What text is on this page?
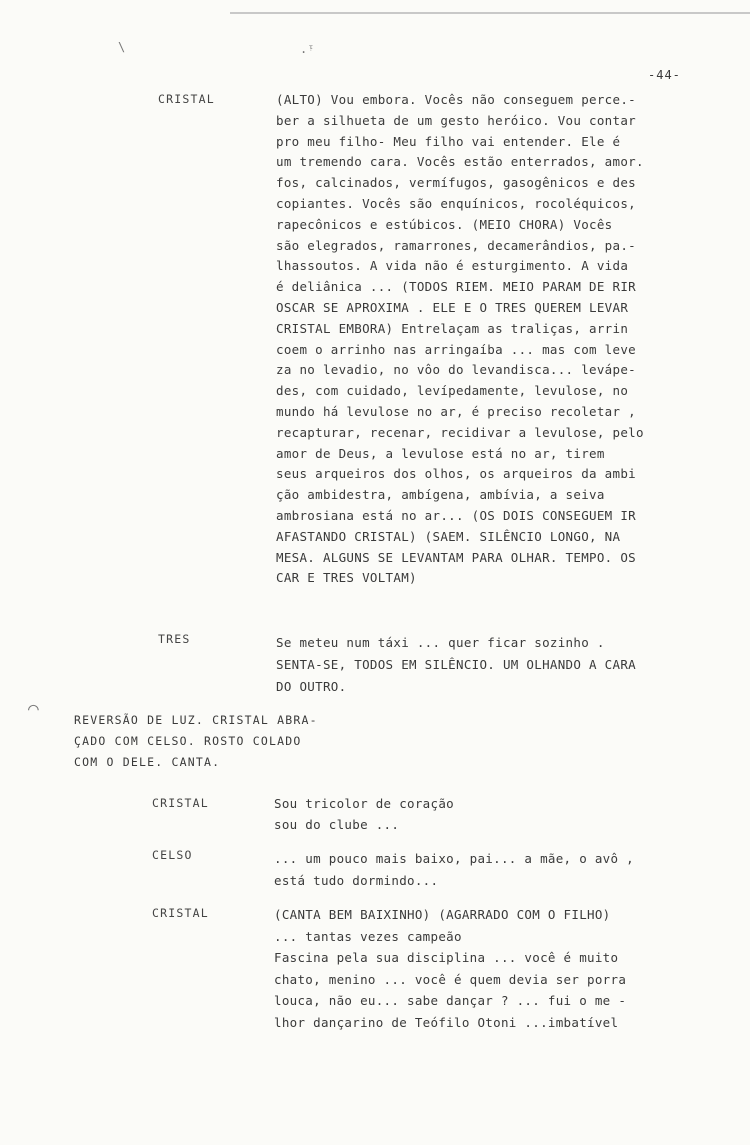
\	.ᵎ
⌒
-44-
CRISTAL	(ALTO) Vou embora. Vocês não conseguem perce.-
ber a silhueta de um gesto heróico. Vou contar
pro meu filho- Meu filho vai entender. Ele é
um tremendo cara. Vocês estão enterrados, amor.
fos, calcinados, vermífugos, gasogênicos e des
copiantes. Vocês são enquínicos, rocoléquicos,
rapecônicos e estúbicos. (MEIO CHORA) Vocês
são elegrados, ramarrones, decamerândios, pa.-
lhassoutos. A vida não é esturgimento. A vida
é deliânica ... (TODOS RIEM. MEIO PARAM DE RIR
OSCAR SE APROXIMA . ELE E O TRES QUEREM LEVAR
CRISTAL EMBORA) Entrelaçam as traliças, arrin
coem o arrinho nas arringaíba ... mas com leve
za no levadio, no vôo do levandisca... levápe-
des, com cuidado, levípedamente, levulose, no
mundo há levulose no ar, é preciso recoletar ,
recapturar, recenar, recidivar a levulose, pelo
amor de Deus, a levulose está no ar, tirem
seus arqueiros dos olhos, os arqueiros da ambi
ção ambidestra, ambígena, ambívia, a seiva
ambrosiana está no ar... (OS DOIS CONSEGUEM IR
AFASTANDO CRISTAL) (SAEM. SILÊNCIO LONGO, NA
MESA. ALGUNS SE LEVANTAM PARA OLHAR. TEMPO. OS
CAR E TRES VOLTAM)
TRES	Se meteu num táxi ... quer ficar sozinho .
SENTA-SE, TODOS EM SILÊNCIO. UM OLHANDO A CARA
DO OUTRO.
REVERSÃO DE LUZ. CRISTAL ABRA-
ÇADO COM CELSO. ROSTO COLADO
COM O DELE. CANTA.
CRISTAL	Sou tricolor de coração
sou do clube ...
CELSO	... um pouco mais baixo, pai... a mãe, o avô ,
está tudo dormindo...
CRISTAL	(CANTA BEM BAIXINHO) (AGARRADO COM O FILHO)
... tantas vezes campeão
Fascina pela sua disciplina ... você é muito
chato, menino ... você é quem devia ser porra
louca, não eu... sabe dançar ? ... fui o me -
lhor dançarino de Teófilo Otoni ...imbatível
